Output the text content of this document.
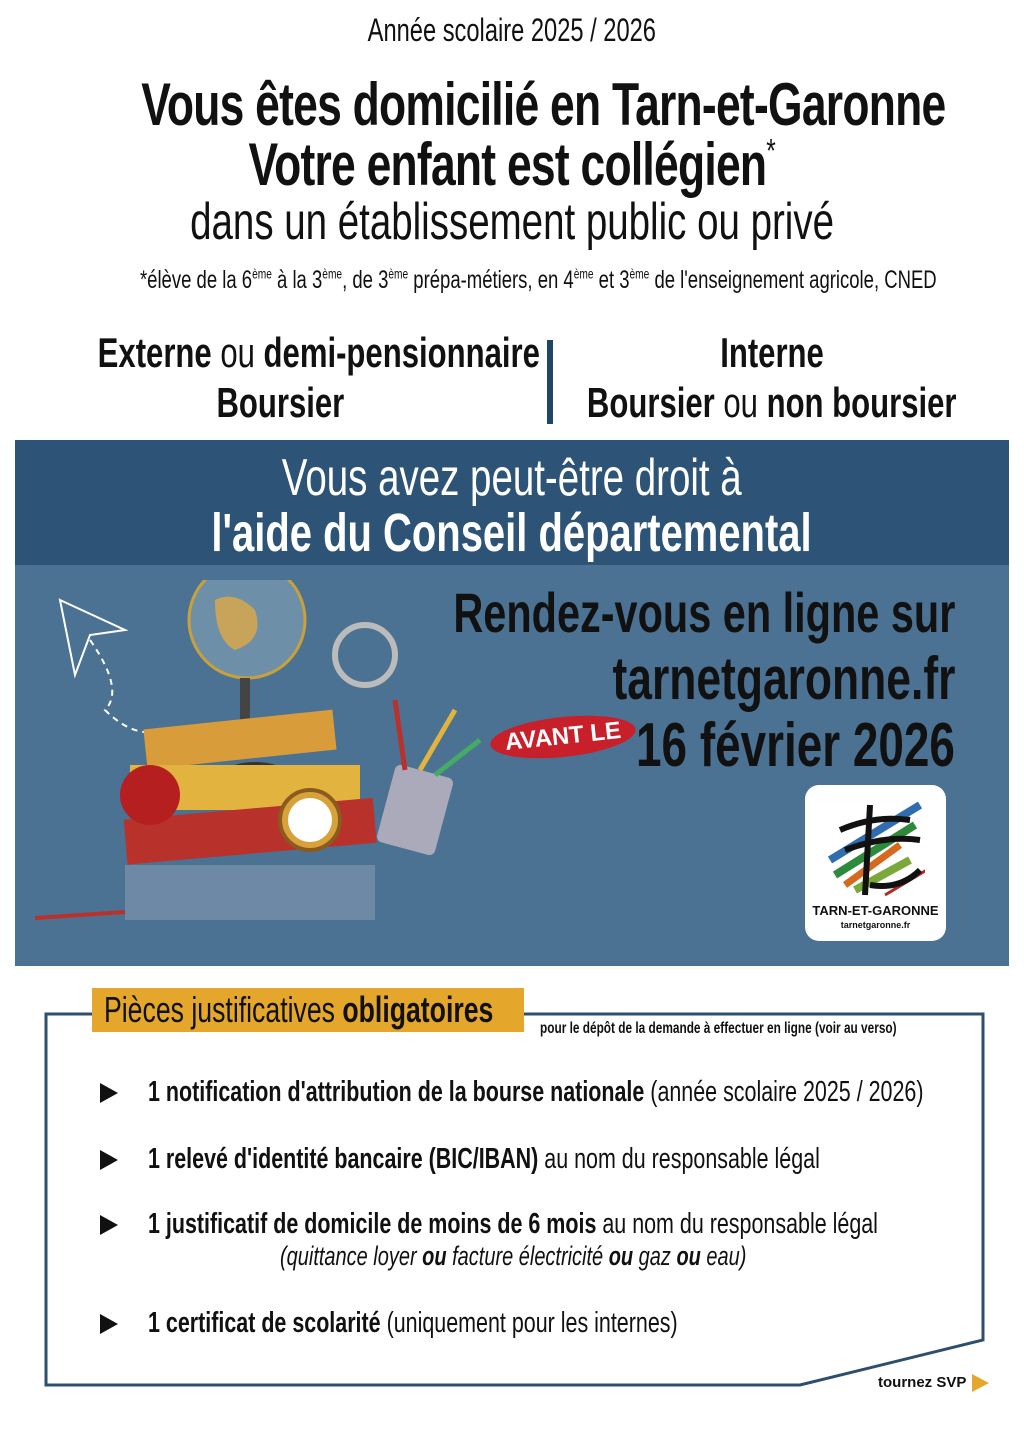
Année scolaire 2025 / 2026
Vous êtes domicilié en Tarn-et-Garonne
Votre enfant est collégien*
dans un établissement public ou privé
*élève de la 6ème à la 3ème, de 3ème prépa-métiers, en 4ème et 3ème de l'enseignement agricole, CNED
Externe ou demi-pensionnaire
Boursier
Interne
Boursier ou non boursier
Vous avez peut-être droit à
l'aide du Conseil départemental
Rendez-vous en ligne sur
tarnetgaronne.fr
AVANT LE 16 février 2026
TARN-ET-GARONNE
tarnetgaronne.fr
Pièces justificatives obligatoires	pour le dépôt de la demande à effectuer en ligne (voir au verso)
1 notification d'attribution de la bourse nationale (année scolaire 2025 / 2026)
1 relevé d'identité bancaire (BIC/IBAN) au nom du responsable légal
1 justificatif de domicile de moins de 6 mois au nom du responsable légal
(quittance loyer ou facture électricité ou gaz ou eau)
1 certificat de scolarité (uniquement pour les internes)
tournez SVP
